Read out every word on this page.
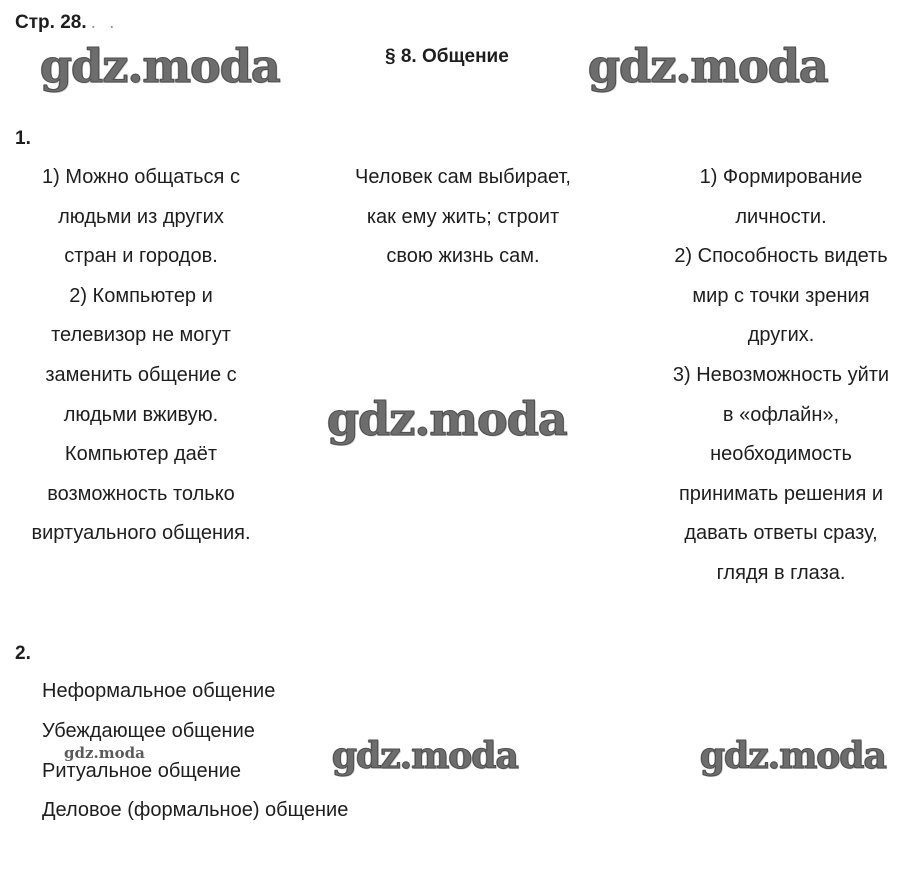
Стр. 28. . .
gdz.moda	§ 8. Общение gdz.moda
1.
1) Можно общаться с
людьми из других
стран и городов.
2) Компьютер и
телевизор не могут
заменить общение с
людьми вживую.
Компьютер даёт
возможность только
виртуального общения.
Человек сам выбирает,
как ему жить; строит
свою жизнь сам.
1) Формирование
личности.
2) Способность видеть
мир с точки зрения
других.
3) Невозможность уйти
в «офлайн»,
необходимость
принимать решения и
давать ответы сразу,
глядя в глаза.
gdz.moda
2.
Неформальное общение
Убеждающее общение
gdz.moda
Ритуальное общение
Деловое (формальное) общение
gdz.moda	gdz.moda
